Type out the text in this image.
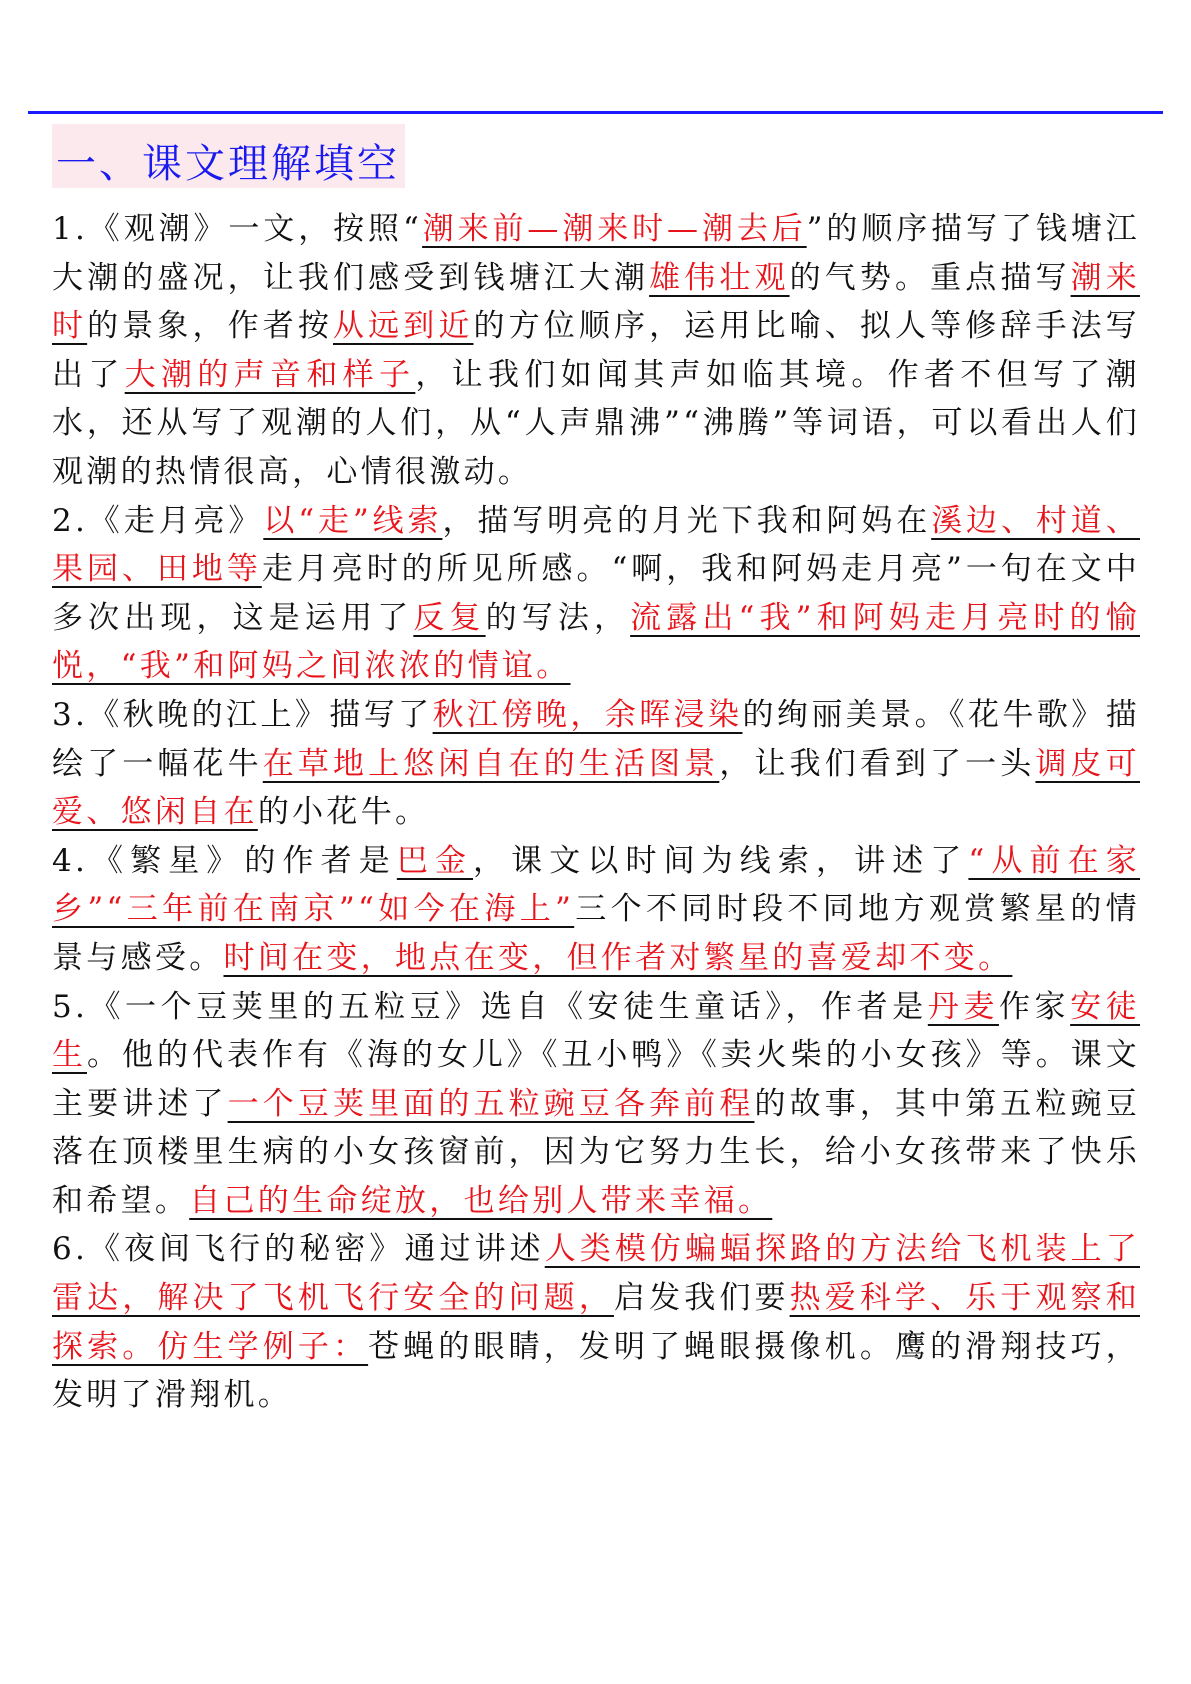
一、课文理解填空

1.《观潮》一文，按照“潮来前—潮来时—潮去后”的顺序描写了钱塘江大潮的盛况，让我们感受到钱塘江大潮雄伟壮观的气势。重点描写潮来时的景象，作者按从远到近的方位顺序，运用比喻、拟人等修辞手法写出了大潮的声音和样子，让我们如闻其声如临其境。作者不但写了潮水，还从写了观潮的人们，从“人声鼎沸”“沸腾”等词语，可以看出人们观潮的热情很高，心情很激动。

2.《走月亮》以“走”线索，描写明亮的月光下我和阿妈在溪边、村道、果园、田地等走月亮时的所见所感。“啊，我和阿妈走月亮”一句在文中多次出现，这是运用了反复的写法，流露出“我”和阿妈走月亮时的愉悦，“我”和阿妈之间浓浓的情谊。

3.《秋晚的江上》描写了秋江傍晚，余晖浸染的绚丽美景。《花牛歌》描绘了一幅花牛在草地上悠闲自在的生活图景，让我们看到了一头调皮可爱、悠闲自在的小花牛。

4.《繁星》的作者是巴金，课文以时间为线索，讲述了“从前在家乡”“三年前在南京”“如今在海上”三个不同时段不同地方观赏繁星的情景与感受。时间在变，地点在变，但作者对繁星的喜爱却不变。

5.《一个豆荚里的五粒豆》选自《安徒生童话》，作者是丹麦作家安徒生。他的代表作有《海的女儿》《丑小鸭》《卖火柴的小女孩》等。课文主要讲述了一个豆荚里面的五粒豌豆各奔前程的故事，其中第五粒豌豆落在顶楼里生病的小女孩窗前，因为它努力生长，给小女孩带来了快乐和希望。自己的生命绽放，也给别人带来幸福。

6.《夜间飞行的秘密》通过讲述人类模仿蝙蝠探路的方法给飞机装上了雷达，解决了飞机飞行安全的问题，启发我们要热爱科学、乐于观察和探索。仿生学例子：苍蝇的眼睛，发明了蝇眼摄像机。鹰的滑翔技巧，发明了滑翔机。
